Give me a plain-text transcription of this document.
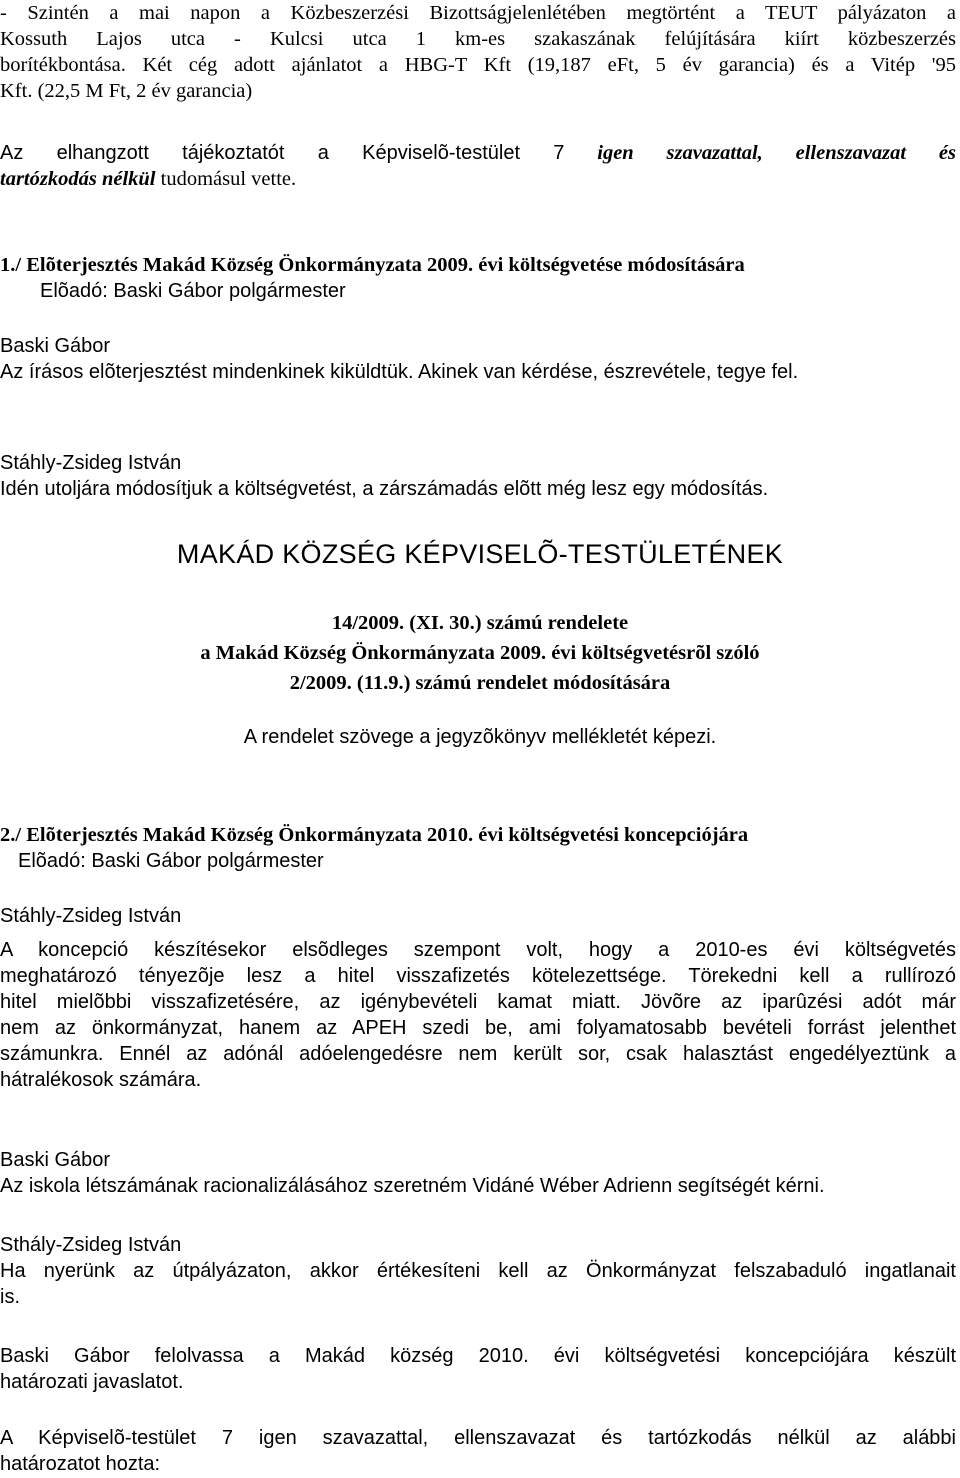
- Szintén a mai napon a Közbeszerzési Bizottságjelenlétében megtörtént a TEUT pályázaton a

Kossuth Lajos utca - Kulcsi utca 1 km-es szakaszának felújítására kiírt közbeszerzés

borítékbontása. Két cég adott ajánlatot a HBG-T Kft (19,187 eFt, 5 év garancia) és a Vitép '95

Kft. (22,5 M Ft, 2 év garancia)

Az elhangzott tájékoztatót a Képviselõ-testület 7 igen szavazattal, ellenszavazat és

tartózkodás nélkül tudomásul vette.

1./ Elõterjesztés Makád Község Önkormányzata 2009. évi költségvetése módosítására

Elõadó: Baski Gábor polgármester

Baski Gábor

Az írásos elõterjesztést mindenkinek kiküldtük. Akinek van kérdése, észrevétele, tegye fel.

Stáhly-Zsideg István

Idén utoljára módosítjuk a költségvetést, a zárszámadás elõtt még lesz egy módosítás.

MAKÁD KÖZSÉG KÉPVISELÕ-TESTÜLETÉNEK

14/2009. (XI. 30.) számú rendelete

a Makád Község Önkormányzata 2009. évi költségvetésrõl szóló

2/2009. (11.9.) számú rendelet módosítására

A rendelet szövege a jegyzõkönyv mellékletét képezi.

2./ Elõterjesztés Makád Község Önkormányzata 2010. évi költségvetési koncepciójára

Elõadó: Baski Gábor polgármester

Stáhly-Zsideg István

A koncepció készítésekor elsõdleges szempont volt, hogy a 2010-es évi költségvetés

meghatározó tényezõje lesz a hitel visszafizetés kötelezettsége. Törekedni kell a rullírozó

hitel mielõbbi visszafizetésére, az igénybevételi kamat miatt. Jövõre az iparûzési adót már

nem az önkormányzat, hanem az APEH szedi be, ami folyamatosabb bevételi forrást jelenthet

számunkra. Ennél az adónál adóelengedésre nem került sor, csak halasztást engedélyeztünk a

hátralékosok számára.

Baski Gábor

Az iskola létszámának racionalizálásához szeretném Vidáné Wéber Adrienn segítségét kérni.

Sthály-Zsideg István

Ha nyerünk az útpályázaton, akkor értékesíteni kell az Önkormányzat felszabaduló ingatlanait

is.

Baski Gábor felolvassa a Makád község 2010. évi költségvetési koncepciójára készült

határozati javaslatot.

A Képviselõ-testület 7 igen szavazattal, ellenszavazat és tartózkodás nélkül az alábbi

határozatot hozta:
